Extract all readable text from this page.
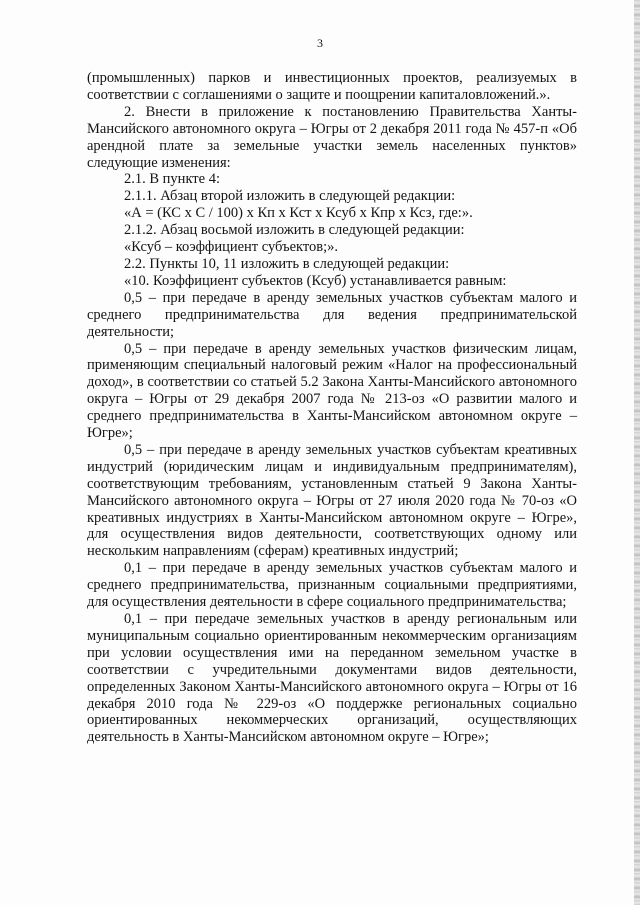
3

(промышленных) парков и инвестиционных проектов, реализуемых в соответствии с соглашениями о защите и поощрении капиталовложений.».

2. Внести в приложение к постановлению Правительства Ханты-Мансийского автономного округа – Югры от 2 декабря 2011 года № 457-п «Об арендной плате за земельные участки земель населенных пунктов» следующие изменения:

2.1. В пункте 4:

2.1.1. Абзац второй изложить в следующей редакции:

«А = (КС x С / 100) x Кп x Кст x Ксуб x Кпр x Ксз, где:».

2.1.2. Абзац восьмой изложить в следующей редакции:

«Ксуб – коэффициент субъектов;».

2.2. Пункты 10, 11 изложить в следующей редакции:

«10. Коэффициент субъектов (Ксуб) устанавливается равным:

0,5 – при передаче в аренду земельных участков субъектам малого и среднего предпринимательства для ведения предпринимательской деятельности;

0,5 – при передаче в аренду земельных участков физическим лицам, применяющим специальный налоговый режим «Налог на профессиональный доход», в соответствии со статьей 5.2 Закона Ханты-Мансийского автономного округа – Югры от 29 декабря 2007 года № 213-оз «О развитии малого и среднего предпринимательства в Ханты-Мансийском автономном округе – Югре»;

0,5 – при передаче в аренду земельных участков субъектам креативных индустрий (юридическим лицам и индивидуальным предпринимателям), соответствующим требованиям, установленным статьей 9 Закона Ханты-Мансийского автономного округа – Югры от 27 июля 2020 года № 70-оз «О креативных индустриях в Ханты-Мансийском автономном округе – Югре», для осуществления видов деятельности, соответствующих одному или нескольким направлениям (сферам) креативных индустрий;

0,1 – при передаче в аренду земельных участков субъектам малого и среднего предпринимательства, признанным социальными предприятиями, для осуществления деятельности в сфере социального предпринимательства;

0,1 – при передаче земельных участков в аренду региональным или муниципальным социально ориентированным некоммерческим организациям при условии осуществления ими на переданном земельном участке в соответствии с учредительными документами видов деятельности, определенных Законом Ханты-Мансийского автономного округа – Югры от 16 декабря 2010 года № 229-оз «О поддержке региональных социально ориентированных некоммерческих организаций, осуществляющих деятельность в Ханты-Мансийском автономном округе – Югре»;
